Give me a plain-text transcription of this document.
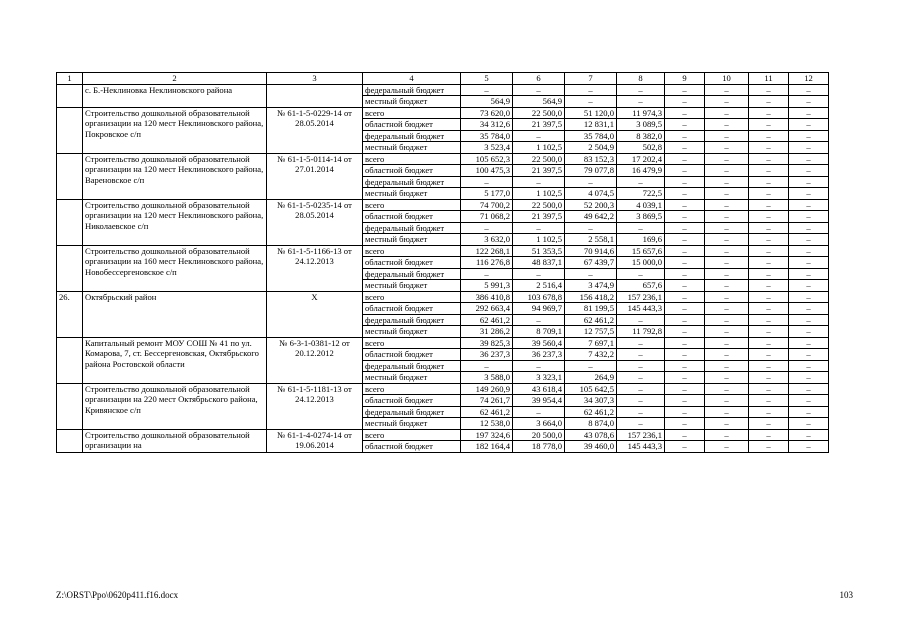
1	2	3	4	5	6	7	8	9	10	11	12
	с. Б.-Неклиновка Неклиновского района		федеральный бюджет	–	–	–	–	–	–	–	–
			местный бюджет	564,9	564,9	–	–	–	–	–	–
	Строительство дошкольной образовательной организации на 120 мест Неклиновского района, Покровское с/п	№ 61-1-5-0229-14 от 28.05.2014	всего	73 620,0	22 500,0	51 120,0	11 974,3	–	–	–	–
			областной бюджет	34 312,6	21 397,5	12 831,1	3 089,5	–	–	–	–
			федеральный бюджет	35 784,0	–	35 784,0	8 382,0	–	–	–	–
			местный бюджет	3 523,4	1 102,5	2 504,9	502,8	–	–	–	–
	Строительство дошкольной образовательной организации на 120 мест Неклиновского района, Вареновское с/п	№ 61-1-5-0114-14 от 27.01.2014	всего	105 652,3	22 500,0	83 152,3	17 202,4	–	–	–	–
			областной бюджет	100 475,3	21 397,5	79 077,8	16 479,9	–	–	–	–
			федеральный бюджет	–	–	–	–	–	–	–	–
			местный бюджет	5 177,0	1 102,5	4 074,5	722,5	–	–	–	–
	Строительство дошкольной образовательной организации на 120 мест Неклиновского района, Николаевское с/п	№ 61-1-5-0235-14 от 28.05.2014	всего	74 700,2	22 500,0	52 200,3	4 039,1	–	–	–	–
			областной бюджет	71 068,2	21 397,5	49 642,2	3 869,5	–	–	–	–
			федеральный бюджет	–	–	–	–	–	–	–	–
			местный бюджет	3 632,0	1 102,5	2 558,1	169,6	–	–	–	–
	Строительство дошкольной образовательной организации на 160 мест Неклиновского района, Новобессергеновское с/п	№ 61-1-5-1166-13 от 24.12.2013	всего	122 268,1	51 353,5	70 914,6	15 657,6	–	–	–	–
			областной бюджет	116 276,8	48 837,1	67 439,7	15 000,0	–	–	–	–
			федеральный бюджет	–	–	–	–	–	–	–	–
			местный бюджет	5 991,3	2 516,4	3 474,9	657,6	–	–	–	–
26.	Октябрьский район	Х	всего	386 410,8	103 678,8	156 418,2	157 236,1	–	–	–	–
			областной бюджет	292 663,4	94 969,7	81 199,5	145 443,3	–	–	–	–
			федеральный бюджет	62 461,2	–	62 461,2	–	–	–	–	–
			местный бюджет	31 286,2	8 709,1	12 757,5	11 792,8	–	–	–	–
	Капитальный ремонт МОУ СОШ № 41 по ул. Комарова, 7, ст. Бессергеновская, Октябрьского района Ростовской области	№ 6-3-1-0381-12 от 20.12.2012	всего	39 825,3	39 560,4	7 697,1	–	–	–	–	–
			областной бюджет	36 237,3	36 237,3	7 432,2	–	–	–	–	–
			федеральный бюджет	–	–	–	–	–	–	–	–
			местный бюджет	3 588,0	3 323,1	264,9	–	–	–	–	–
	Строительство дошкольной образовательной организации на 220 мест Октябрьского района, Кривянское с/п	№ 61-1-5-1181-13 от 24.12.2013	всего	149 260,9	43 618,4	105 642,5	–	–	–	–	–
			областной бюджет	74 261,7	39 954,4	34 307,3	–	–	–	–	–
			федеральный бюджет	62 461,2	–	62 461,2	–	–	–	–	–
			местный бюджет	12 538,0	3 664,0	8 874,0	–	–	–	–	–
	Строительство дошкольной образовательной организации на	№ 61-1-4-0274-14 от 19.06.2014	всего	197 324,6	20 500,0	43 078,6	157 236,1	–	–	–	–
			областной бюджет	182 164,4	18 778,0	39 460,0	145 443,3	–	–	–	–
Z:\ORST\Ppo\0620p411.f16.docx	103
